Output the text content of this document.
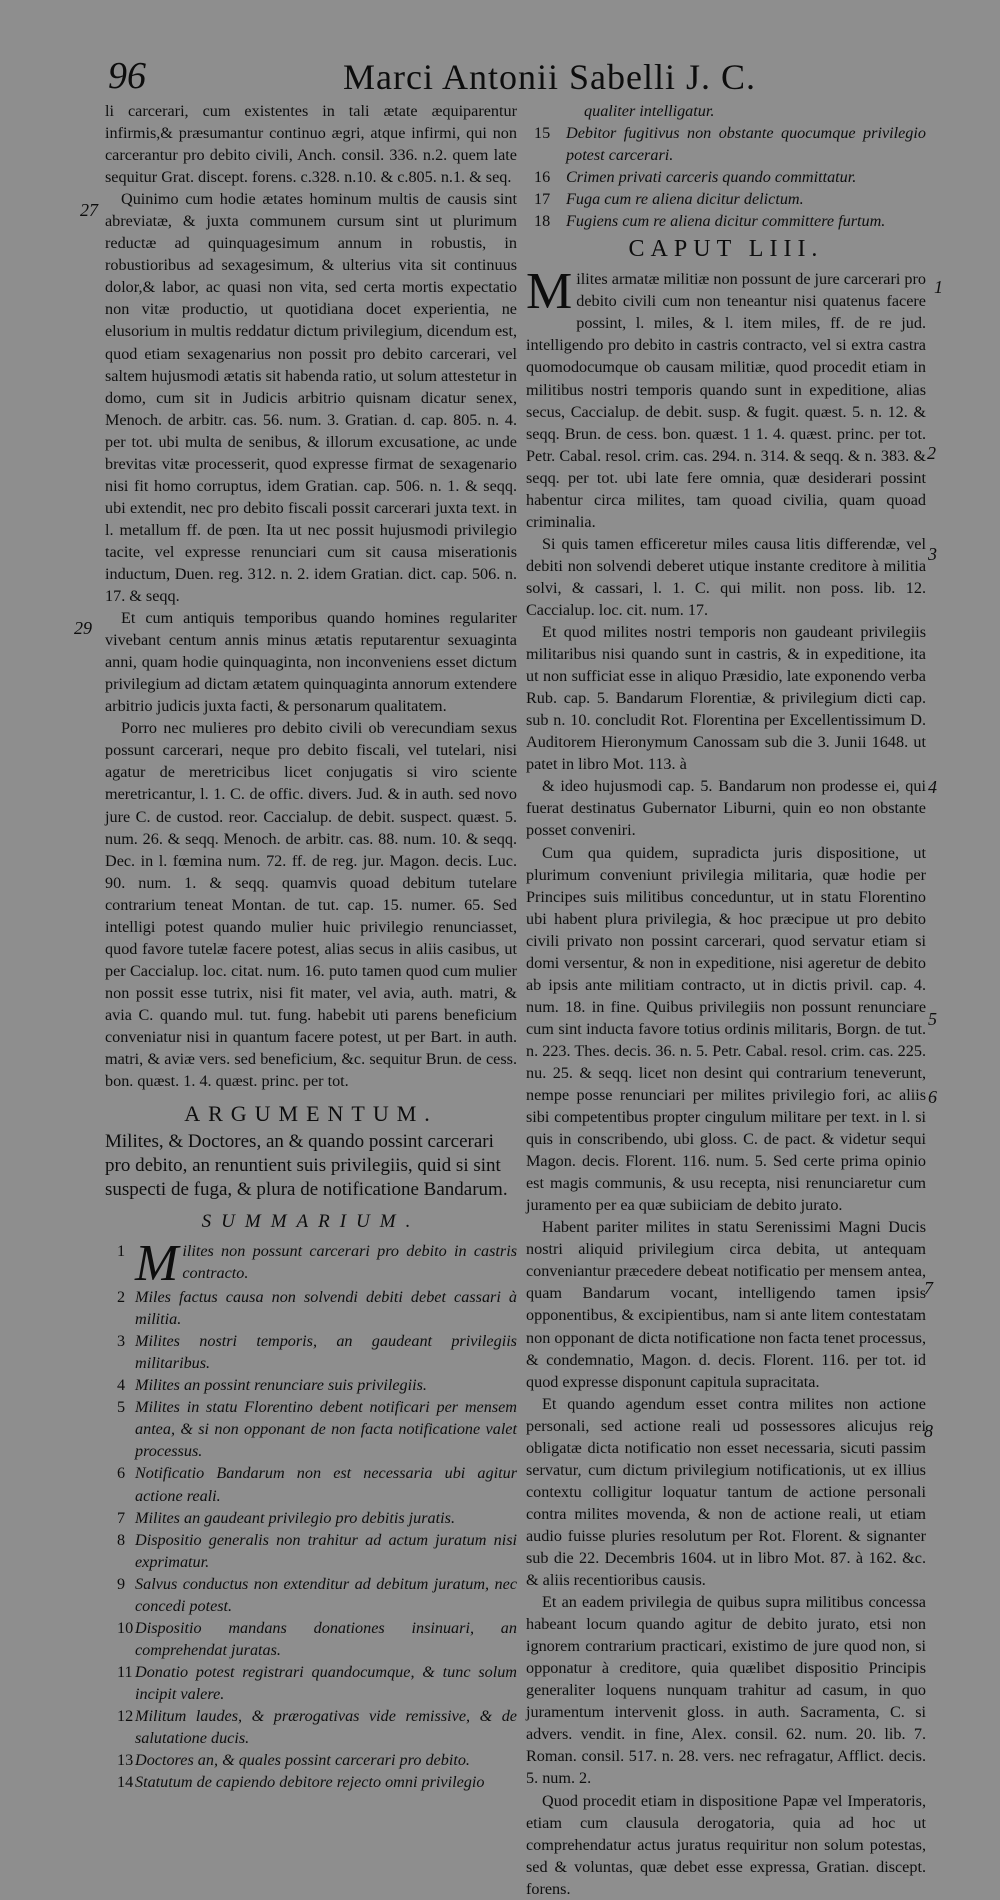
96	Marci Antonii Sabelli J. C.

li carcerari, cum existentes in tali ætate æquiparentur infirmis,& præsumantur continuo ægri, atque infirmi, qui non carcerantur pro debito civili, Anch. consil. 336. n.2. quem late sequitur Grat. discept. forens. c.328. n.10. & c.805. n.1. & seq.

Quinimo cum hodie ætates hominum multis de causis sint abreviatæ, & juxta communem cursum sint ut plurimum reductæ ad quinquagesimum annum in robustis, in robustioribus ad sexagesimum, & ulterius vita sit continuus dolor,& labor, ac quasi non vita, sed certa mortis expectatio non vitæ productio, ut quotidiana docet experientia, ne elusorium in multis reddatur dictum privilegium, dicendum est, quod etiam sexagenarius non possit pro debito carcerari, vel saltem hujusmodi ætatis sit habenda ratio, ut solum attestetur in domo, cum sit in Judicis arbitrio quisnam dicatur senex, Menoch. de arbitr. cas. 56. num. 3. Gratian. d. cap. 805. n. 4. per tot. ubi multa de senibus, & illorum excusatione, ac unde brevitas vitæ processerit, quod expresse firmat de sexagenario nisi fit homo corruptus, idem Gratian. cap. 506. n. 1. & seqq. ubi extendit, nec pro debito fiscali possit carcerari juxta text. in l. metallum ff. de pœn. Ita ut nec possit hujusmodi privilegio tacite, vel expresse renunciari cum sit causa miserationis inductum, Duen. reg. 312. n. 2. idem Gratian. dict. cap. 506. n. 17. & seqq.

Et cum antiquis temporibus quando homines regulariter vivebant centum annis minus ætatis reputarentur sexuaginta anni, quam hodie quinquaginta, non inconveniens esset dictum privilegium ad dictam ætatem quinquaginta annorum extendere arbitrio judicis juxta facti, & personarum qualitatem.

Porro nec mulieres pro debito civili ob verecundiam sexus possunt carcerari, neque pro debito fiscali, vel tutelari, nisi agatur de meretricibus licet conjugatis si viro sciente meretricantur, l. 1. C. de offic. divers. Jud. & in auth. sed novo jure C. de custod. reor. Caccialup. de debit. suspect. quæst. 5. num. 26. & seqq. Menoch. de arbitr. cas. 88. num. 10. & seqq. Dec. in l. fœmina num. 72. ff. de reg. jur. Magon. decis. Luc. 90. num. 1. & seqq. quamvis quoad debitum tutelare contrarium teneat Montan. de tut. cap. 15. numer. 65. Sed intelligi potest quando mulier huic privilegio renunciasset, quod favore tutelæ facere potest, alias secus in aliis casibus, ut per Caccialup. loc. citat. num. 16. puto tamen quod cum mulier non possit esse tutrix, nisi fit mater, vel avia, auth. matri, & avia C. quando mul. tut. fung. habebit uti parens beneficium conveniatur nisi in quantum facere potest, ut per Bart. in auth. matri, & aviæ vers. sed beneficium, &c. sequitur Brun. de cess. bon. quæst. 1. 4. quæst. princ. per tot.

ARGUMENTUM.
Milites, & Doctores, an & quando possint carcerari pro debito, an renuntient suis privilegiis, quid si sint suspecti de fuga, & plura de notificatione Bandarum.
SUMMARIUM.
1 M ilites non possunt carcerari pro debito in castris contracto.
2 Miles factus causa non solvendi debiti debet cassari à militia.
3 Milites nostri temporis, an gaudeant privilegiis militaribus.
4 Milites an possint renunciare suis privilegiis.
5 Milites in statu Florentino debent notificari per mensem antea, & si non opponant de non facta notificatione valet processus.
6 Notificatio Bandarum non est necessaria ubi agitur actione reali.
7 Milites an gaudeant privilegio pro debitis juratis.
8 Dispositio generalis non trahitur ad actum juratum nisi exprimatur.
9 Salvus conductus non extenditur ad debitum juratum, nec concedi potest.
10 Dispositio mandans donationes insinuari, an comprehendat juratas.
11 Donatio potest registrari quandocumque, & tunc solum incipit valere.
12 Militum laudes, & prærogativas vide remissive, & de salutatione ducis.
13 Doctores an, & quales possint carcerari pro debito.
14 Statutum de capiendo debitore rejecto omni privilegio
27
29
qualiter intelligatur.
15 Debitor fugitivus non obstante quocumque privilegio potest carcerari.
16 Crimen privati carceris quando committatur.
17 Fuga cum re aliena dicitur delictum.
18 Fugiens cum re aliena dicitur committere furtum.
CAPUT LIII.

Milites armatæ militiæ non possunt de jure carcerari pro debito civili cum non teneantur nisi quatenus facere possint, l. miles, & l. item miles, ff. de re jud. intelligendo pro debito in castris contracto, vel si extra castra quomodocumque ob causam militiæ, quod procedit etiam in militibus nostri temporis quando sunt in expeditione, alias secus, Caccialup. de debit. susp. & fugit. quæst. 5. n. 12. & seqq. Brun. de cess. bon. quæst. 1 1. 4. quæst. princ. per tot. Petr. Cabal. resol. crim. cas. 294. n. 314. & seqq. & n. 383. & seqq. per tot. ubi late fere omnia, quæ desiderari possint habentur circa milites, tam quoad civilia, quam quoad criminalia.

Si quis tamen efficeretur miles causa litis differendæ, vel debiti non solvendi deberet utique instante creditore à militia solvi, & cassari, l. 1. C. qui milit. non poss. lib. 12. Caccialup. loc. cit. num. 17.

Et quod milites nostri temporis non gaudeant privilegiis militaribus nisi quando sunt in castris, & in expeditione, ita ut non sufficiat esse in aliquo Præsidio, late exponendo verba Rub. cap. 5. Bandarum Florentiæ, & privilegium dicti cap. sub n. 10. concludit Rot. Florentina per Excellentissimum D. Auditorem Hieronymum Canossam sub die 3. Junii 1648. ut patet in libro Mot. 113. à

& ideo hujusmodi cap. 5. Bandarum non prodesse ei, qui fuerat destinatus Gubernator Liburni, quin eo non obstante posset conveniri.

Cum qua quidem, supradicta juris dispositione, ut plurimum conveniunt privilegia militaria, quæ hodie per Principes suis militibus conceduntur, ut in statu Florentino ubi habent plura privilegia, & hoc præcipue ut pro debito civili privato non possint carcerari, quod servatur etiam si domi versentur, & non in expeditione, nisi ageretur de debito ab ipsis ante militiam contracto, ut in dictis privil. cap. 4. num. 18. in fine. Quibus privilegiis non possunt renunciare cum sint inducta favore totius ordinis militaris, Borgn. de tut. n. 223. Thes. decis. 36. n. 5. Petr. Cabal. resol. crim. cas. 225. nu. 25. & seqq. licet non desint qui contrarium teneverunt, nempe posse renunciari per milites privilegio fori, ac aliis sibi competentibus propter cingulum militare per text. in l. si quis in conscribendo, ubi gloss. C. de pact. & videtur sequi Magon. decis. Florent. 116. num. 5. Sed certe prima opinio est magis communis, & usu recepta, nisi renunciaretur cum juramento per ea quæ subiiciam de debito jurato.

Habent pariter milites in statu Serenissimi Magni Ducis nostri aliquid privilegium circa debita, ut antequam conveniantur præcedere debeat notificatio per mensem antea, quam Bandarum vocant, intelligendo tamen ipsis opponentibus, & excipientibus, nam si ante litem contestatam non opponant de dicta notificatione non facta tenet processus, & condemnatio, Magon. d. decis. Florent. 116. per tot. id quod expresse disponunt capitula supracitata.

Et quando agendum esset contra milites non actione personali, sed actione reali ud possessores alicujus rei obligatæ dicta notificatio non esset necessaria, sicuti passim servatur, cum dictum privilegium notificationis, ut ex illius contextu colligitur loquatur tantum de actione personali contra milites movenda, & non de actione reali, ut etiam audio fuisse pluries resolutum per Rot. Florent. & signanter sub die 22. Decembris 1604. ut in libro Mot. 87. à 162. &c. & aliis recentioribus causis.

Et an eadem privilegia de quibus supra militibus concessa habeant locum quando agitur de debito jurato, etsi non ignorem contrarium practicari, existimo de jure quod non, si opponatur à creditore, quia quælibet dispositio Principis generaliter loquens nunquam trahitur ad casum, in quo juramentum intervenit gloss. in auth. Sacramenta, C. si advers. vendit. in fine, Alex. consil. 62. num. 20. lib. 7. Roman. consil. 517. n. 28. vers. nec refragatur, Afflict. decis. 5. num. 2.

Quod procedit etiam in dispositione Papæ vel Imperatoris, etiam cum clausula derogatoria, quia ad hoc ut comprehendatur actus juratus requiritur non solum potestas, sed & voluntas, quæ debet esse expressa, Gratian. discept. forens.

1
2
3
4
5
6
7
8
